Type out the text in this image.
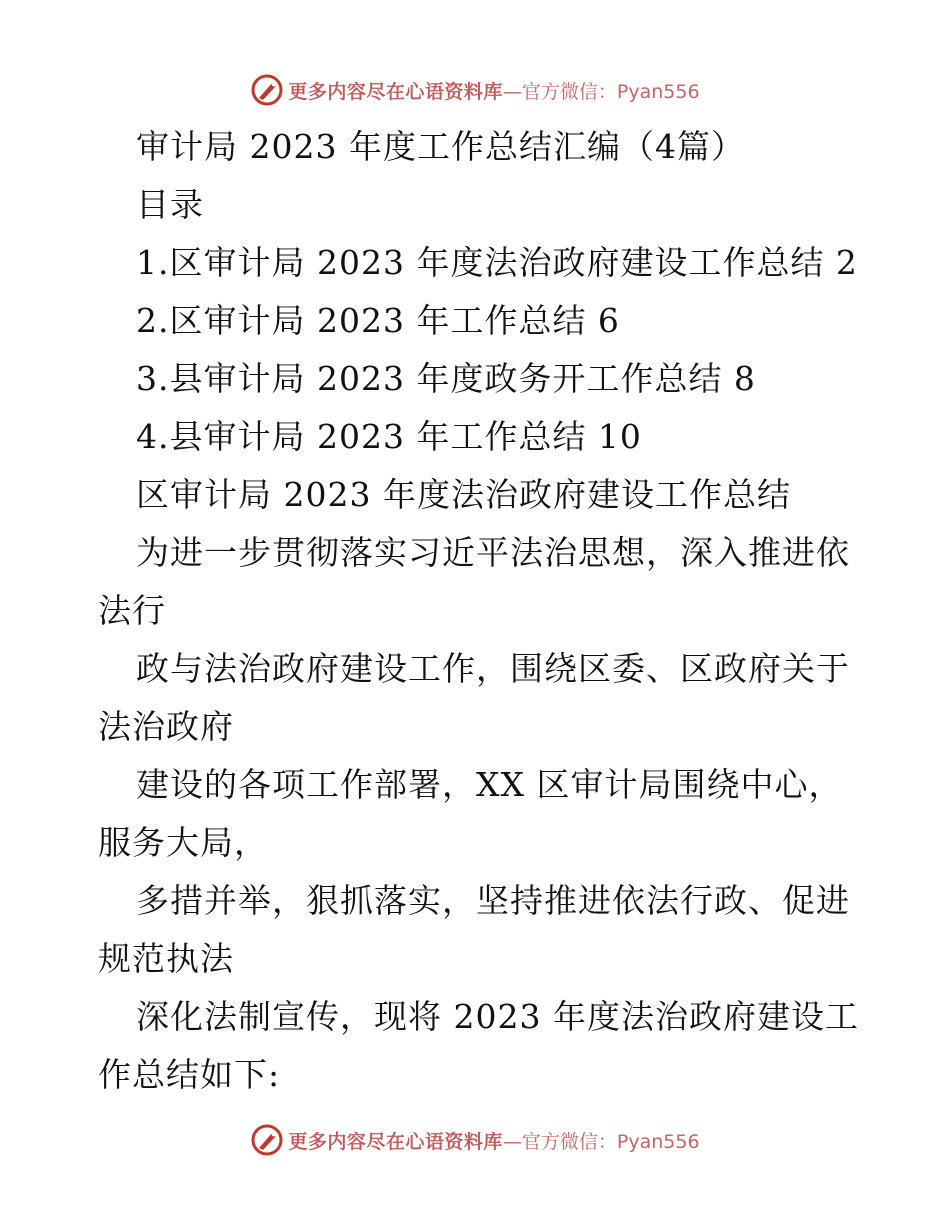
更多内容尽在心语资料库 —官方微信：Pyan556
审计局 2023 年度工作总结汇编（4篇）
目录
1.区审计局 2023 年度法治政府建设工作总结 2
2.区审计局 2023 年工作总结 6
3.县审计局 2023 年度政务开工作总结 8
4.县审计局 2023 年工作总结 10
区审计局 2023 年度法治政府建设工作总结
为进一步贯彻落实习近平法治思想，深入推进依
法行
政与法治政府建设工作，围绕区委、区政府关于
法治政府
建设的各项工作部署，XX 区审计局围绕中心，
服务大局，
多措并举，狠抓落实，坚持推进依法行政、促进
规范执法
深化法制宣传，现将 2023 年度法治政府建设工
作总结如下:
更多内容尽在心语资料库 —官方微信：Pyan556
